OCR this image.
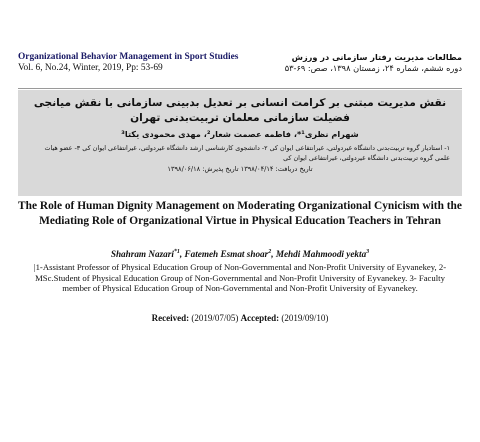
Organizational Behavior Management in Sport Studies
Vol. 6, No.24, Winter, 2019, Pp: 53-69
مطالعات مدیریت رفتار سازمانی در ورزش
دوره ششم، شماره ۲۴، زمستان ۱۳۹۸، صص: ۶۹-۵۳
نقش مدیریت مبتنی بر کرامت انسانی بر تعدیل بدبینی سازمانی با نقش میانجی فضیلت سازمانی معلمان تربیت‌بدنی تهران
شهرام نظری¹*، فاطمه عصمت شعار²، مهدی محمودی یکتا³
۱- استادیار گروه تربیت‌بدنی دانشگاه غیردولتی، غیرانتفاعی ایوان کی ۲- دانشجوی کارشناسی ارشد دانشگاه غیردولتی، غیرانتفاعی ایوان کی ۳- عضو هیات علمی گروه تربیت‌بدنی دانشگاه غیردولتی، غیرانتفاعی ایوان کی
تاریخ دریافت: ۱۳۹۸/۰۴/۱۴ تاریخ پذیرش: ۱۳۹۸/۰۶/۱۸
The Role of Human Dignity Management on Moderating Organizational Cynicism with the Mediating Role of Organizational Virtue in Physical Education Teachers in Tehran
Shahram Nazari$^{*1}$, Fatemeh Esmat shoar$^2$, Mehdi Mahmoodi yekta$^3$
|1-Assistant Professor of Physical Education Group of Non-Governmental and Non-Profit University of Eyvanekey, 2-MSc.Student of Physical Education Group of Non-Governmental and Non-Profit University of Eyvanekey. 3- Faculty member of Physical Education Group of Non-Governmental and Non-Profit University of Eyvanekey.
Received: (2019/07/05) Accepted: (2019/09/10)
